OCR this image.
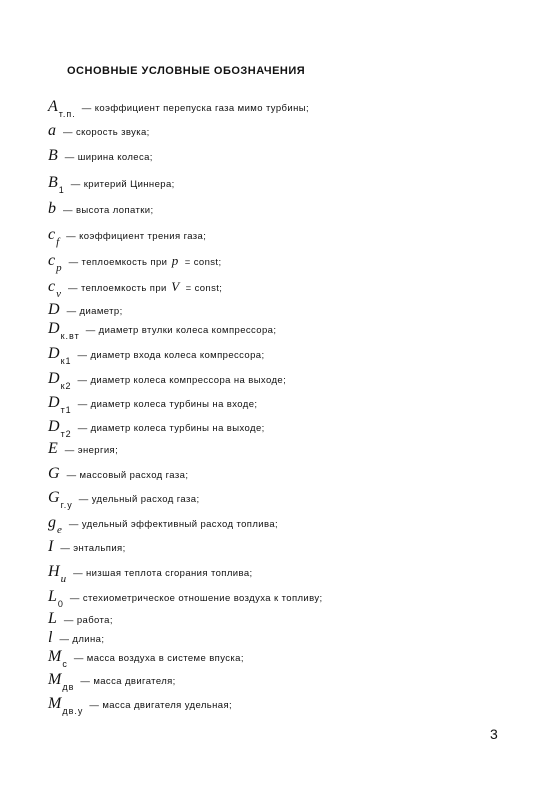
ОСНОВНЫЕ УСЛОВНЫЕ ОБОЗНАЧЕНИЯ
A т.п. — коэффициент перепуска газа мимо турбины;
a — скорость звука;
B — ширина колеса;
B 1 — критерий Циннера;
b — высота лопатки;
c f — коэффициент трения газа;
c p — теплоемкость при
p
= const;
c v — теплоемкость при
V
= const;
D — диаметр;
D к.вт — диаметр втулки колеса компрессора;
D к1 — диаметр входа колеса компрессора;
D к2 — диаметр колеса компрессора на выходе;
D т1 — диаметр колеса турбины на входе;
D т2 — диаметр колеса турбины на выходе;
E — энергия;
G — массовый расход газа;
G г.у — удельный расход газа;
g e — удельный эффективный расход топлива;
I — энтальпия;
H u — низшая теплота сгорания топлива;
L 0 — стехиометрическое отношение воздуха к топливу;
L — работа;
l — длина;
M с — масса воздуха в системе впуска;
M дв — масса двигателя;
M дв.у — масса двигателя удельная;
3
